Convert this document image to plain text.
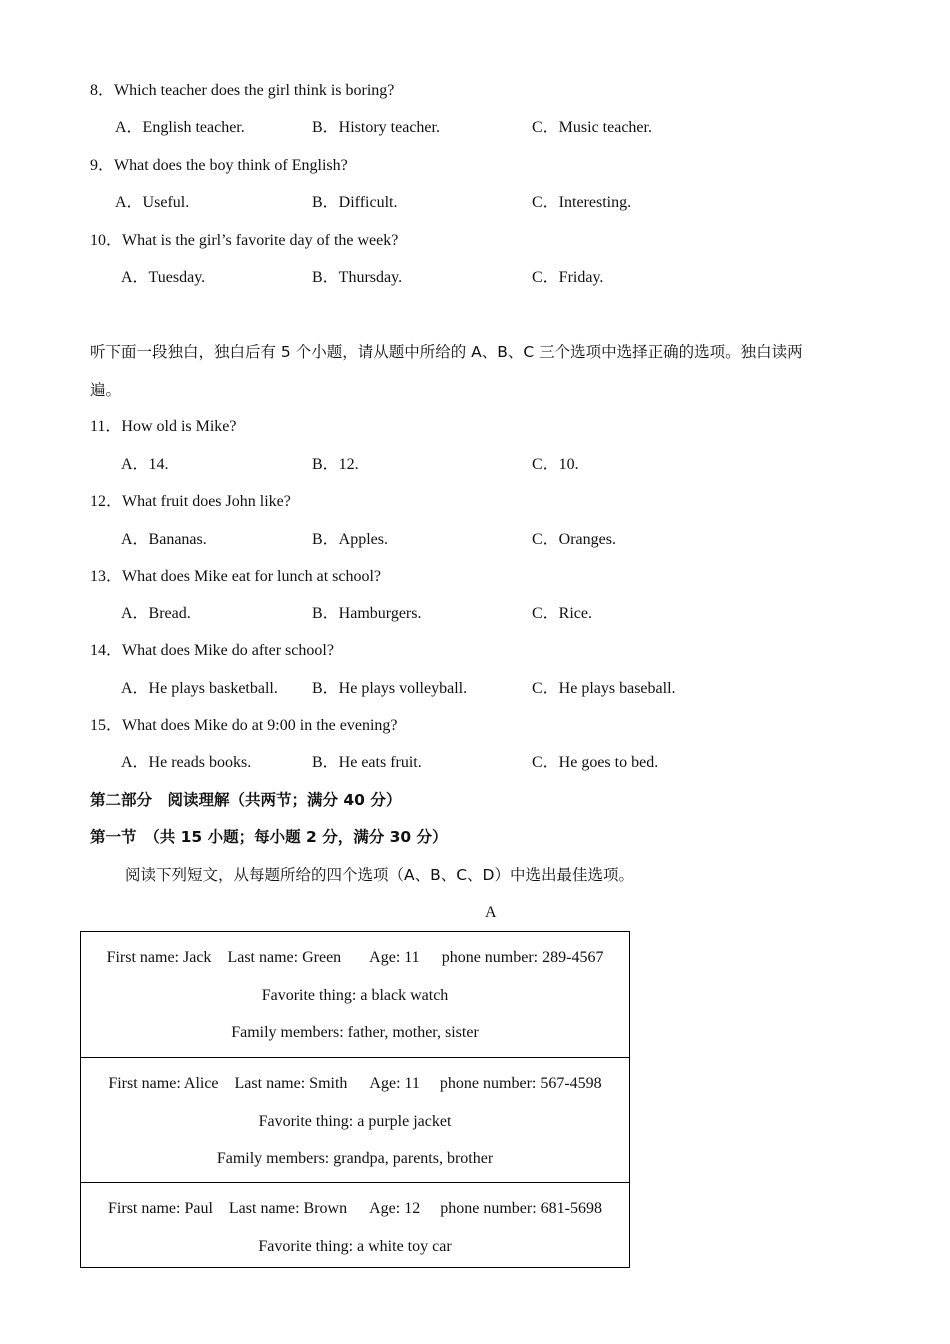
8．Which teacher does the girl think is boring?
A．English teacher.	B．History teacher.	C．Music teacher.
9．What does the boy think of English?
A．Useful.	B．Difficult.	C．Interesting.
10．What is the girl’s favorite day of the week?
A．Tuesday.	B．Thursday.	C．Friday.
听下面一段独白，独白后有 5 个小题，请从题中所给的 A、B、C 三个选项中选择正确的选项。独白读两
遍。
11．How old is Mike?
A．14.	B．12.	C．10.
12．What fruit does John like?
A．Bananas.	B．Apples.	C．Oranges.
13．What does Mike eat for lunch at school?
A．Bread.	B．Hamburgers.	C．Rice.
14．What does Mike do after school?
A．He plays basketball. B．He plays volleyball.	C．He plays baseball.
15．What does Mike do at 9:00 in the evening?
A．He reads books.	B．He eats fruit.	C．He goes to bed.
第二部分　阅读理解（共两节；满分 40 分）
第一节　（共 15 小题；每小题 2 分，满分 30 分）
阅读下列短文，从每题所给的四个选项（A、B、C、D）中选出最佳选项。
A
First name: Jack Last name: Green Age: 11 phone number: 289-4567
Favorite thing: a black watch
Family members: father, mother, sister
First name: Alice Last name: Smith Age: 11 phone number: 567-4598
Favorite thing: a purple jacket
Family members: grandpa, parents, brother
First name: Paul Last name: Brown Age: 12 phone number: 681-5698
Favorite thing: a white toy car
